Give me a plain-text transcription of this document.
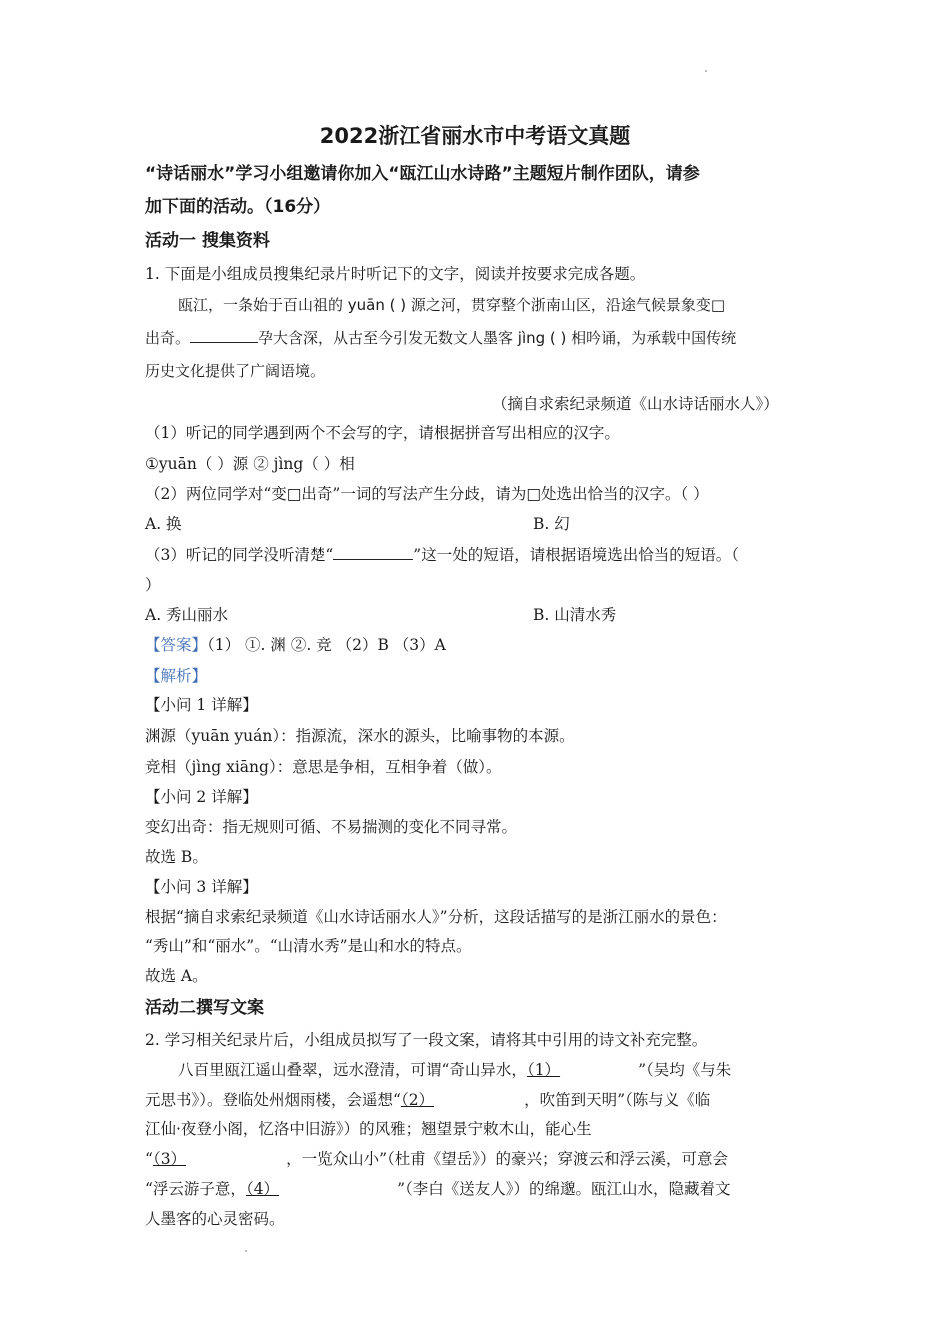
2022浙江省丽水市中考语文真题
“诗话丽水”学习小组邀请你加入“瓯江山水诗路”主题短片制作团队，请参
加下面的活动。（16分）
活动一 搜集资料
1. 下面是小组成员搜集纪录片时听记下的文字，阅读并按要求完成各题。
瓯江，一条始于百山祖的 yuān ( ) 源之河，贯穿整个浙南山区，沿途气候景象变□
出奇。	孕大含深，从古至今引发无数文人墨客 jìng ( ) 相吟诵，为承载中国传统
历史文化提供了广阔语境。
（摘自求索纪录频道《山水诗话丽水人》）
（1）听记的同学遇到两个不会写的字，请根据拼音写出相应的汉字。
①yuān（ ）源 ② jìng（ ）相
（2）两位同学对“变□出奇”一词的写法产生分歧，请为□处选出恰当的汉字。（ ）
A. 换	B. 幻
（3）听记的同学没听清楚“	”这一处的短语，请根据语境选出恰当的短语。（
）
A. 秀山丽水	B. 山清水秀
【答案】（1） ①. 渊 ②. 竞 （2）B （3）A
【解析】
【小问 1 详解】
渊源（yuān yuán）：指源流，深水的源头，比喻事物的本源。
竞相（jìng xiāng）：意思是争相，互相争着（做）。
【小问 2 详解】
变幻出奇：指无规则可循、不易揣测的变化不同寻常。
故选 B。
【小问 3 详解】
根据“摘自求索纪录频道《山水诗话丽水人》”分析，这段话描写的是浙江丽水的景色：
“秀山”和“丽水”。“山清水秀”是山和水的特点。
故选 A。
活动二撰写文案
2. 学习相关纪录片后，小组成员拟写了一段文案，请将其中引用的诗文补充完整。
八百里瓯江遥山叠翠，远水澄清，可谓“奇山异水，（1）	”（吴均《与朱
元思书》）。登临处州烟雨楼，会遥想“（2）	，吹笛到天明”（陈与义《临
江仙·夜登小阁，忆洛中旧游》）的风雅；翘望景宁敕木山，能心生
“（3）	，一览众山小”（杜甫《望岳》）的豪兴；穿渡云和浮云溪，可意会
“浮云游子意，（4）	”（李白《送友人》）的绵邈。瓯江山水，隐藏着文
人墨客的心灵密码。
